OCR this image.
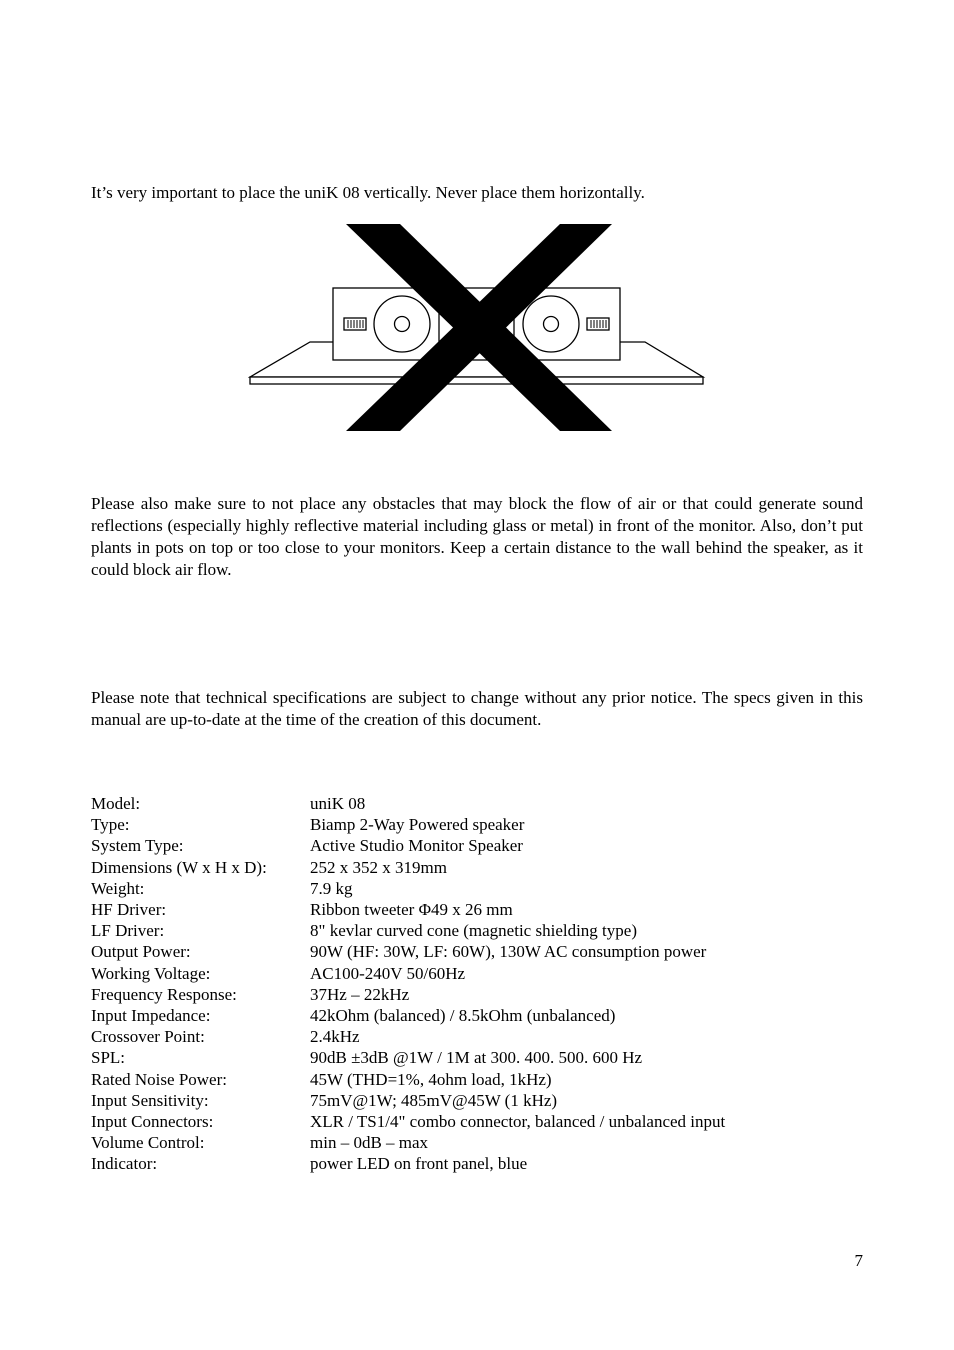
It’s very important to place the uniK 08 vertically. Never place them horizontally.

Please also make sure to not place any obstacles that may block the flow of air or that could generate sound reflections (especially highly reflective material including glass or metal) in front of the monitor. Also, don’t put plants in pots on top or too close to your monitors. Keep a certain distance to the wall behind the speaker, as it could block air flow.

Please note that technical specifications are subject to change without any prior notice. The specs given in this manual are up-to-date at the time of the creation of this document.

Model:	uniK 08
Type:	Biamp 2-Way Powered speaker
System Type:	Active Studio Monitor Speaker
Dimensions (W x H x D):	252 x 352 x 319mm
Weight:	7.9 kg
HF Driver:	Ribbon tweeter Φ49 x 26 mm
LF Driver:	8" kevlar curved cone (magnetic shielding type)
Output Power:	90W (HF: 30W, LF: 60W), 130W AC consumption power
Working Voltage:	AC100-240V 50/60Hz
Frequency Response:	37Hz – 22kHz
Input Impedance:	42kOhm (balanced) / 8.5kOhm (unbalanced)
Crossover Point:	2.4kHz
SPL:	90dB ±3dB @1W / 1M at 300. 400. 500. 600 Hz
Rated Noise Power:	45W (THD=1%, 4ohm load, 1kHz)
Input Sensitivity:	75mV@1W; 485mV@45W (1 kHz)
Input Connectors:	XLR / TS1/4" combo connector, balanced / unbalanced input
Volume Control:	min – 0dB – max
Indicator:	power LED on front panel, blue
7
